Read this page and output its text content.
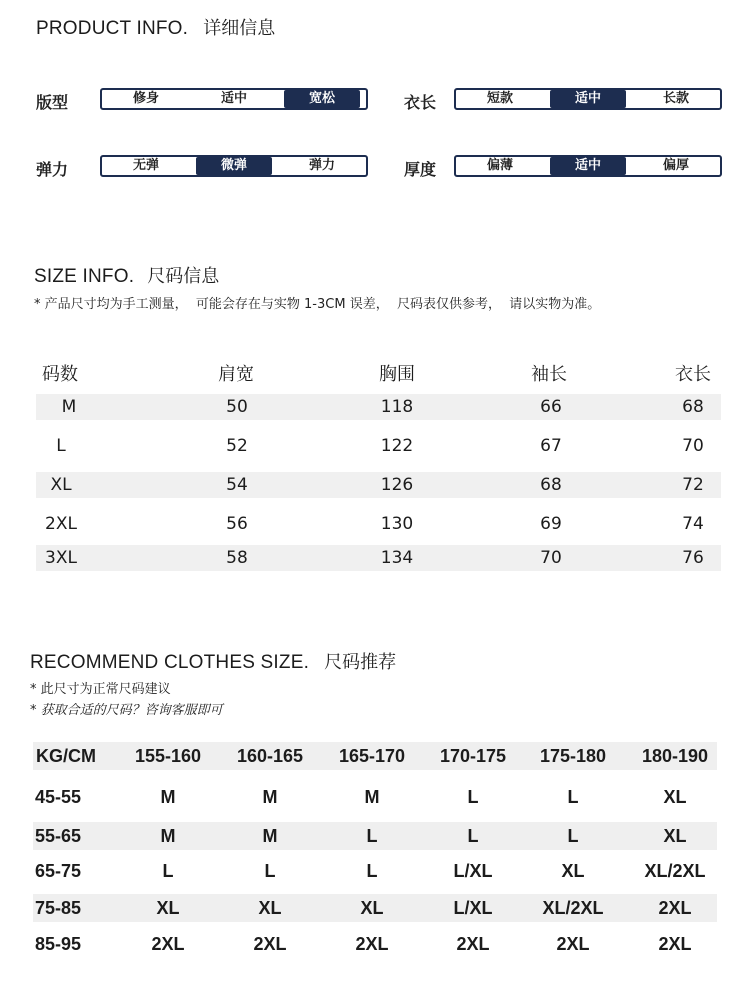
PRODUCT INFO. 详细信息
版型	修身	适中	宽松	衣长	短款	适中	长款
弹力	无弹	微弹	弹力	厚度	偏薄	适中	偏厚
SIZE INFO. 尺码信息
* 产品尺寸均为手工测量，  可能会存在与实物 1-3CM 误差，  尺码表仅供参考，  请以实物为准。
码数	肩宽	胸围	袖长	衣长
M	50	118	66	68
L	52	122	67	70
XL	54	126	68	72
2XL	56	130	69	74
3XL	58	134	70	76
RECOMMEND CLOTHES SIZE. 尺码推荐
* 此尺寸为正常尺码建议
* 获取合适的尺码？咨询客服即可
KG/CM	155-160	160-165	165-170	170-175	175-180	180-190
45-55	M	M	M	L	L	XL
55-65	M	M	L	L	L	XL
65-75	L	L	L	L/XL	XL	XL/2XL
75-85	XL	XL	XL	L/XL	XL/2XL	2XL
85-95	2XL	2XL	2XL	2XL	2XL	2XL
